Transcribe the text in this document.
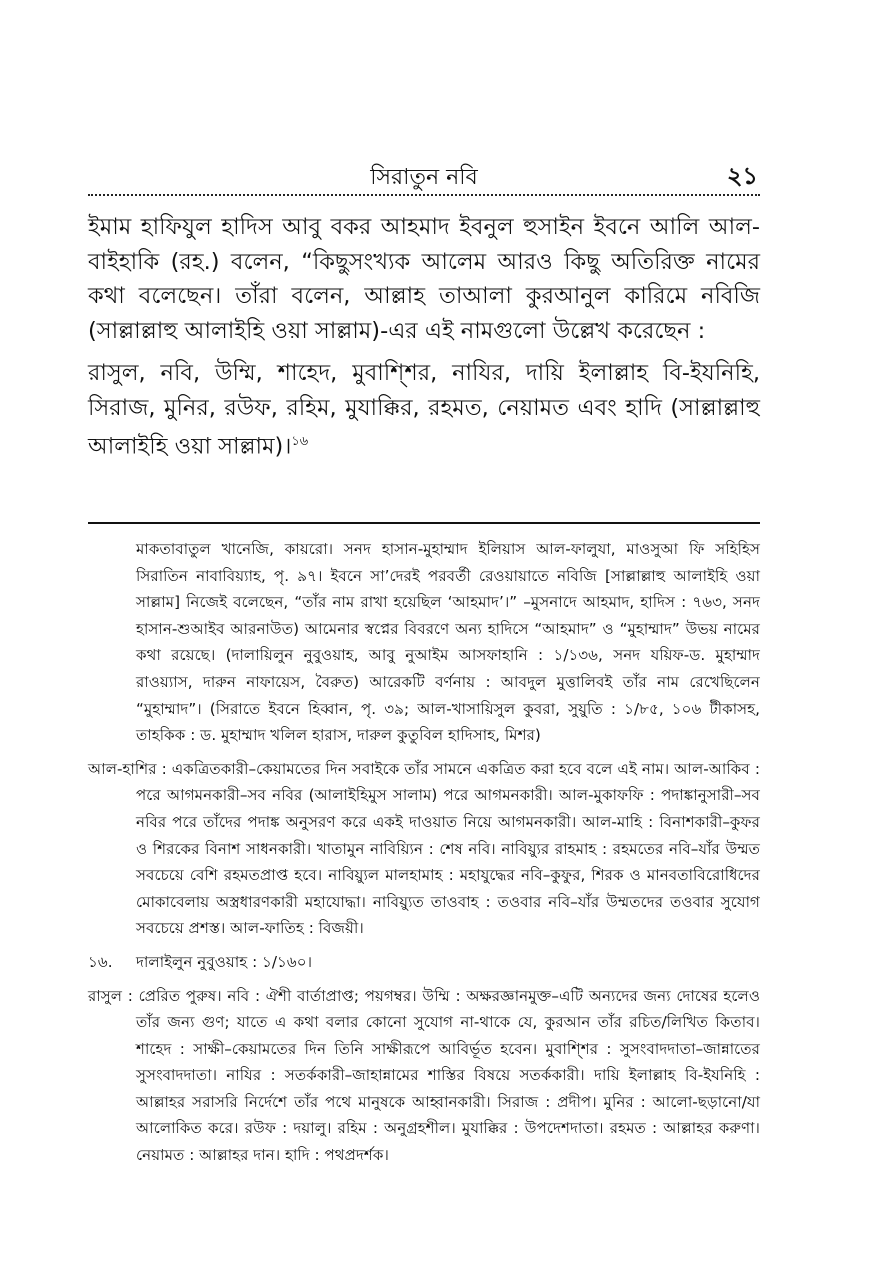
সিরাতুন নবি	২১

ইমাম হাফিযুল হাদিস আবু বকর আহমাদ ইবনুল হুসাইন ইবনে আলি আল-বাইহাকি (রহ.) বলেন, “কিছুসংখ্যক আলেম আরও কিছু অতিরিক্ত নামের কথা বলেছেন। তাঁরা বলেন, আল্লাহ তাআলা কুরআনুল কারিমে নবিজি (সাল্লাল্লাহু আলাইহি ওয়া সাল্লাম)-এর এই নামগুলো উল্লেখ করেছেন :

রাসুল, নবি, উম্মি, শাহেদ, মুবাশ্শির, নাযির, দায়ি ইলাল্লাহ বি-ইযনিহি, সিরাজ, মুনির, রউফ, রহিম, মুযাক্কির, রহমত, নেয়ামত এবং হাদি (সাল্লাল্লাহু আলাইহি ওয়া সাল্লাম)।$^{১৬}$

মাকতাবাতুল খানেজি, কায়রো। সনদ হাসান-মুহাম্মাদ ইলিয়াস আল-ফালুযা, মাওসুআ ফি সহিহিস সিরাতিন নাবাবিয়্যাহ, পৃ. ৯৭। ইবনে সা’দেরই পরবর্তী রেওয়ায়াতে নবিজি [সাল্লাল্লাহু আলাইহি ওয়া সাল্লাম] নিজেই বলেছেন, “তাঁর নাম রাখা হয়েছিল ‘আহমাদ’।” –মুসনাদে আহমাদ, হাদিস : ৭৬৩, সনদ হাসান-শুআইব আরনাউত) আমেনার স্বপ্নের বিবরণে অন্য হাদিসে “আহমাদ” ও “মুহাম্মাদ” উভয় নামের কথা রয়েছে। (দালায়িলুন নুবুওয়াহ, আবু নুআইম আসফাহানি : ১/১৩৬, সনদ যয়িফ-ড. মুহাম্মাদ রাওয়্যাস, দারুন নাফায়েস, বৈরুত) আরেকটি বর্ণনায় : আবদুল মুত্তালিবই তাঁর নাম রেখেছিলেন “মুহাম্মাদ”। (সিরাতে ইবনে হিব্বান, পৃ. ৩৯; আল-খাসায়িসুল কুবরা, সুয়ুতি : ১/৮৫, ১০৬ টীকাসহ, তাহকিক : ড. মুহাম্মাদ খলিল হারাস, দারুল কুতুবিল হাদিসাহ, মিশর)

আল-হাশির : একত্রিতকারী–কেয়ামতের দিন সবাইকে তাঁর সামনে একত্রিত করা হবে বলে এই নাম। আল-আকিব : পরে আগমনকারী–সব নবির (আলাইহিমুস সালাম) পরে আগমনকারী। আল-মুকাফফি : পদাঙ্কানুসারী–সব নবির পরে তাঁদের পদাঙ্ক অনুসরণ করে একই দাওয়াত নিয়ে আগমনকারী। আল-মাহি : বিনাশকারী–কুফর ও শিরকের বিনাশ সাধনকারী। খাতামুন নাবিয়্যিন : শেষ নবি। নাবিয়্যুর রাহমাহ : রহমতের নবি–যাঁর উম্মত সবচেয়ে বেশি রহমতপ্রাপ্ত হবে। নাবিয়্যুল মালহামাহ : মহাযুদ্ধের নবি–কুফুর, শিরক ও মানবতাবিরোধিদের মোকাবেলায় অস্ত্রধারণকারী মহাযোদ্ধা। নাবিয়্যুত তাওবাহ : তওবার নবি–যাঁর উম্মতদের তওবার সুযোগ সবচেয়ে প্রশস্ত। আল-ফাতিহ : বিজয়ী।

১৬.	দালাইলুন নুবুওয়াহ : ১/১৬০।

রাসুল : প্রেরিত পুরুষ। নবি : ঐশী বার্তাপ্রাপ্ত; পয়গম্বর। উম্মি : অক্ষরজ্ঞানমুক্ত–এটি অন্যদের জন্য দোষের হলেও তাঁর জন্য গুণ; যাতে এ কথা বলার কোনো সুযোগ না-থাকে যে, কুরআন তাঁর রচিত/লিখিত কিতাব। শাহেদ : সাক্ষী–কেয়ামতের দিন তিনি সাক্ষীরূপে আবির্ভূত হবেন। মুবাশ্শির : সুসংবাদদাতা–জান্নাতের সুসংবাদদাতা। নাযির : সতর্ককারী–জাহান্নামের শাস্তির বিষয়ে সতর্ককারী। দায়ি ইলাল্লাহ বি-ইযনিহি : আল্লাহর সরাসরি নির্দেশে তাঁর পথে মানুষকে আহ্বানকারী। সিরাজ : প্রদীপ। মুনির : আলো-ছড়ানো/যা আলোকিত করে। রউফ : দয়ালু। রহিম : অনুগ্রহশীল। মুযাক্কির : উপদেশদাতা। রহমত : আল্লাহর করুণা। নেয়ামত : আল্লাহর দান। হাদি : পথপ্রদর্শক।
